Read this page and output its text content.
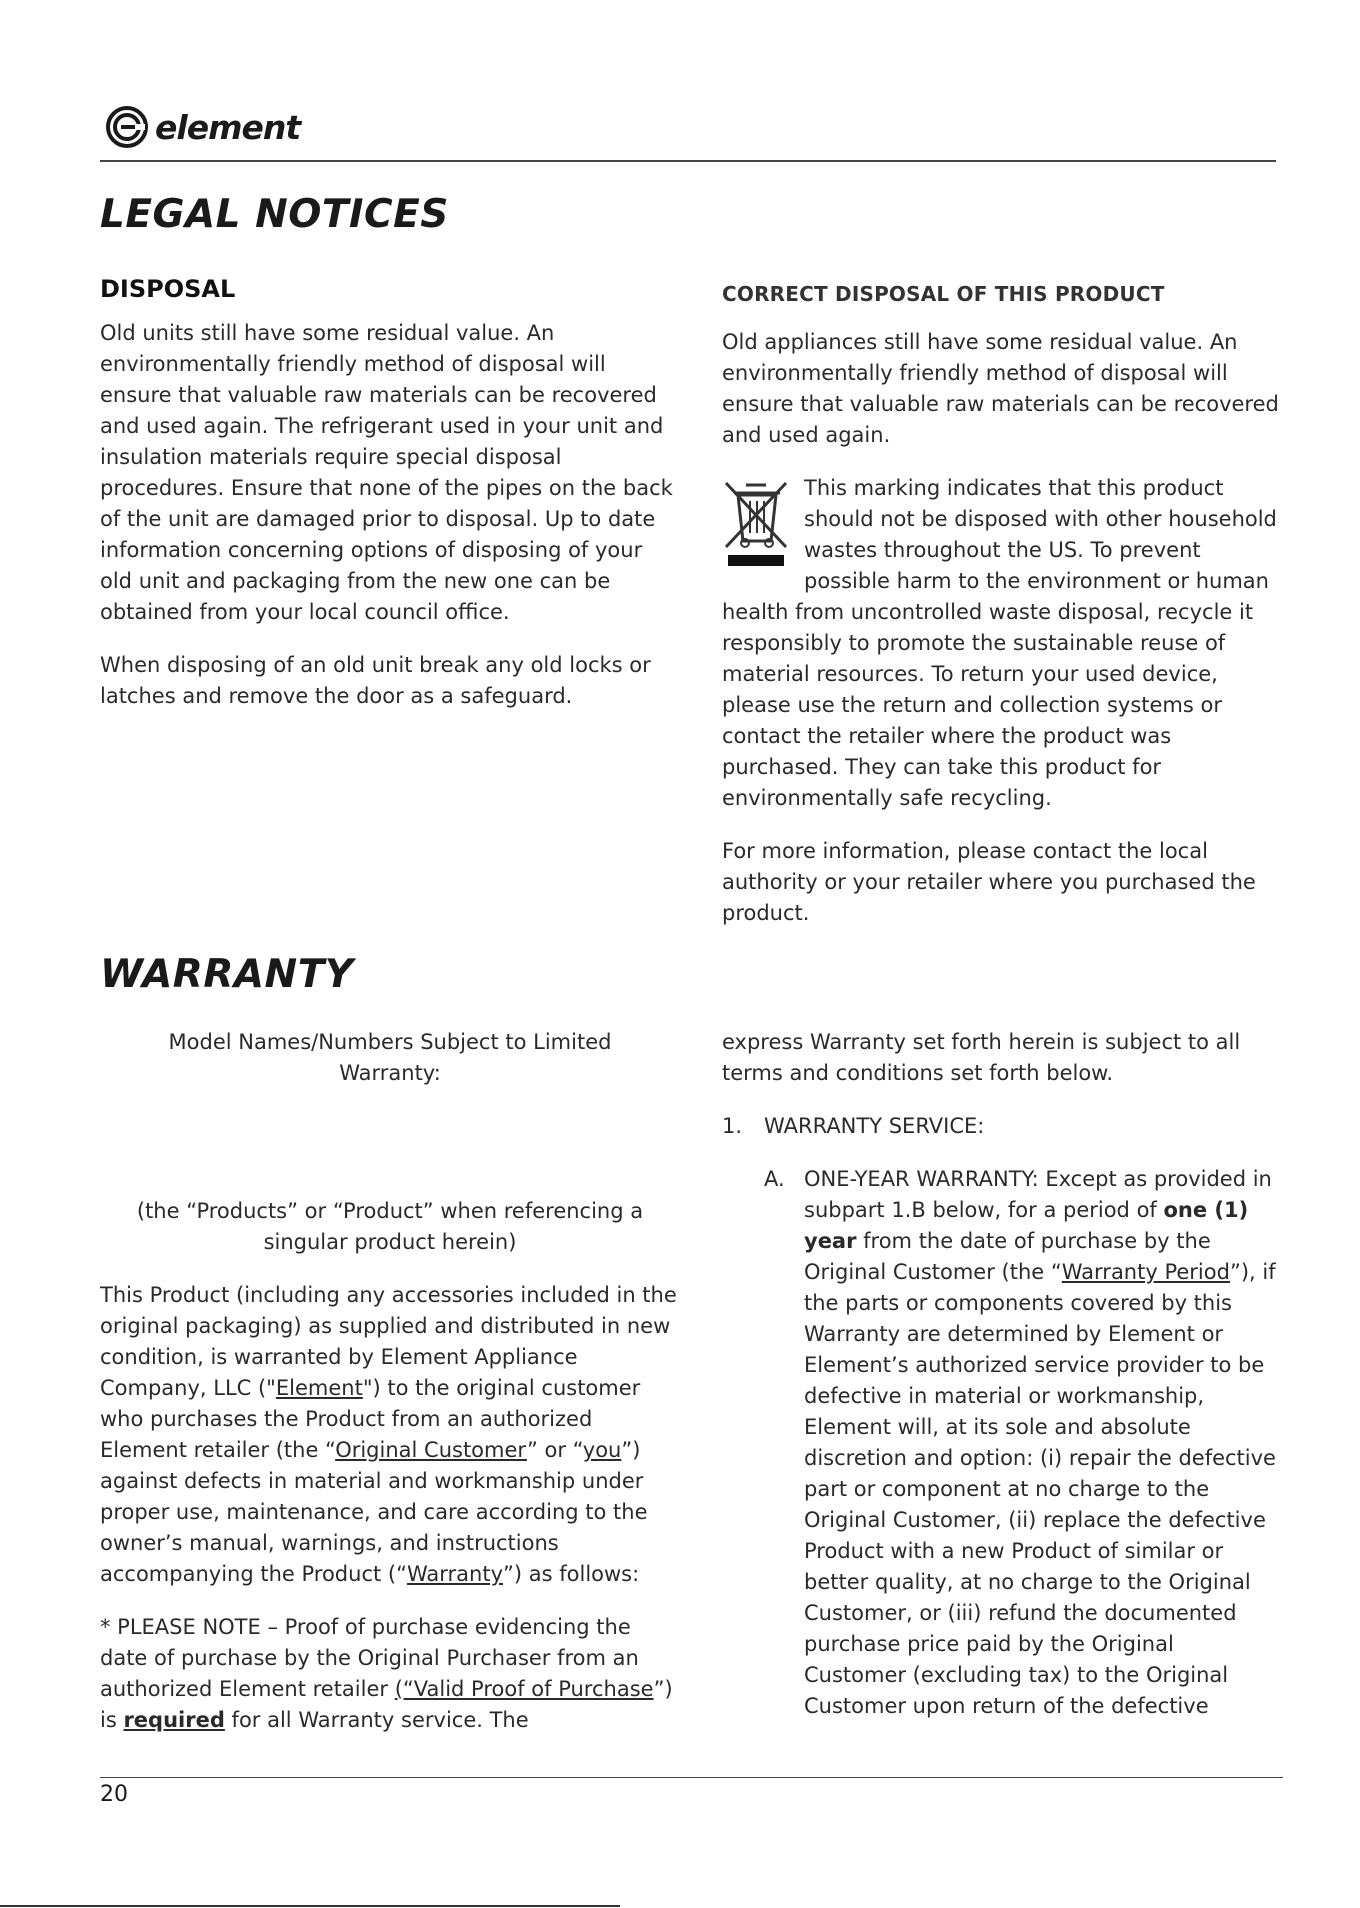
element
LEGAL NOTICES
DISPOSAL	CORRECT DISPOSAL OF THIS PRODUCT

Old units still have some residual value. An environmentally friendly method of disposal will ensure that valuable raw materials can be recovered and used again. The refrigerant used in your unit and insulation materials require special disposal procedures. Ensure that none of the pipes on the back of the unit are damaged prior to disposal. Up to date information concerning options of disposing of your old unit and packaging from the new one can be obtained from your local council office.

When disposing of an old unit break any old locks or latches and remove the door as a safeguard.

Old appliances still have some residual value. An environmentally friendly method of disposal will ensure that valuable raw materials can be recovered and used again.

This marking indicates that this product should not be disposed with other household wastes throughout the US. To prevent possible harm to the environment or human health from uncontrolled waste disposal, recycle it responsibly to promote the sustainable reuse of material resources. To return your used device, please use the return and collection systems or contact the retailer where the product was purchased. They can take this product for environmentally safe recycling.

For more information, please contact the local authority or your retailer where you purchased the product.

WARRANTY

Model Names/Numbers Subject to Limited Warranty:

(the “Products” or “Product” when referencing a singular product herein)

This Product (including any accessories included in the original packaging) as supplied and distributed in new condition, is warranted by Element Appliance Company, LLC ("Element") to the original customer who purchases the Product from an authorized Element retailer (the “Original Customer” or “you”) against defects in material and workmanship under proper use, maintenance, and care according to the owner’s manual, warnings, and instructions accompanying the Product (“Warranty”) as follows:

* PLEASE NOTE – Proof of purchase evidencing the date of purchase by the Original Purchaser from an authorized Element retailer (“Valid Proof of Purchase”) is required for all Warranty service. The

express Warranty set forth herein is subject to all terms and conditions set forth below.

1.	WARRANTY SERVICE:
A. ONE-YEAR WARRANTY: Except as provided in subpart 1.B below, for a period of one (1) year from the date of purchase by the Original Customer (the “Warranty Period”), if the parts or components covered by this Warranty are determined by Element or Element’s authorized service provider to be defective in material or workmanship, Element will, at its sole and absolute discretion and option: (i) repair the defective part or component at no charge to the Original Customer, (ii) replace the defective Product with a new Product of similar or better quality, at no charge to the Original Customer, or (iii) refund the documented purchase price paid by the Original Customer (excluding tax) to the Original Customer upon return of the defective
20
